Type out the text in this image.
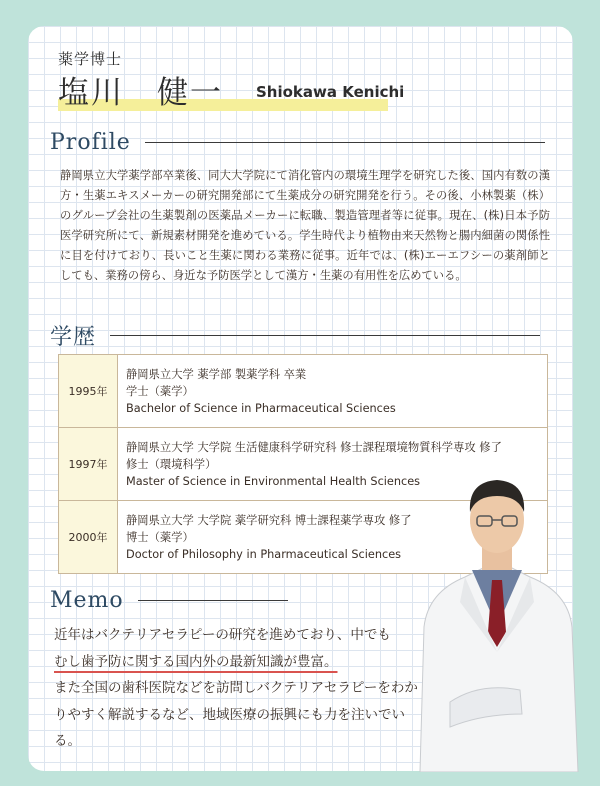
薬学博士
塩川　健一 Shiokawa Kenichi
Profile
静岡県立大学薬学部卒業後、同大大学院にて消化管内の環境生理学を研究した後、国内有数の漢方・生薬エキスメーカーの研究開発部にて生薬成分の研究開発を行う。その後、小林製薬（株）のグループ会社の生薬製剤の医薬品メーカーに転職、製造管理者等に従事。現在、(株)日本予防医学研究所にて、新規素材開発を進めている。学生時代より植物由来天然物と腸内細菌の関係性に目を付けており、長いこと生薬に関わる業務に従事。近年では、(株)エーエフシーの薬剤師としても、業務の傍ら、身近な予防医学として漢方・生薬の有用性を広めている。
学歴
1995年	静岡県立大学 薬学部 製薬学科 卒業
学士（薬学）
Bachelor of Science in Pharmaceutical Sciences

1997年	静岡県立大学 大学院 生活健康科学研究科 修士課程環境物質科学専攻 修了
修士（環境科学）
Master of Science in Environmental Health Sciences

2000年	静岡県立大学 大学院 薬学研究科 博士課程薬学専攻 修了
博士（薬学）
Doctor of Philosophy in Pharmaceutical Sciences
Memo
近年はバクテリアセラピーの研究を進めており、中でも
むし歯予防に関する国内外の最新知識が豊富。
また全国の歯科医院などを訪問しバクテリアセラピーをわかりやすく解説するなど、地域医療の振興にも力を注いでいる。
